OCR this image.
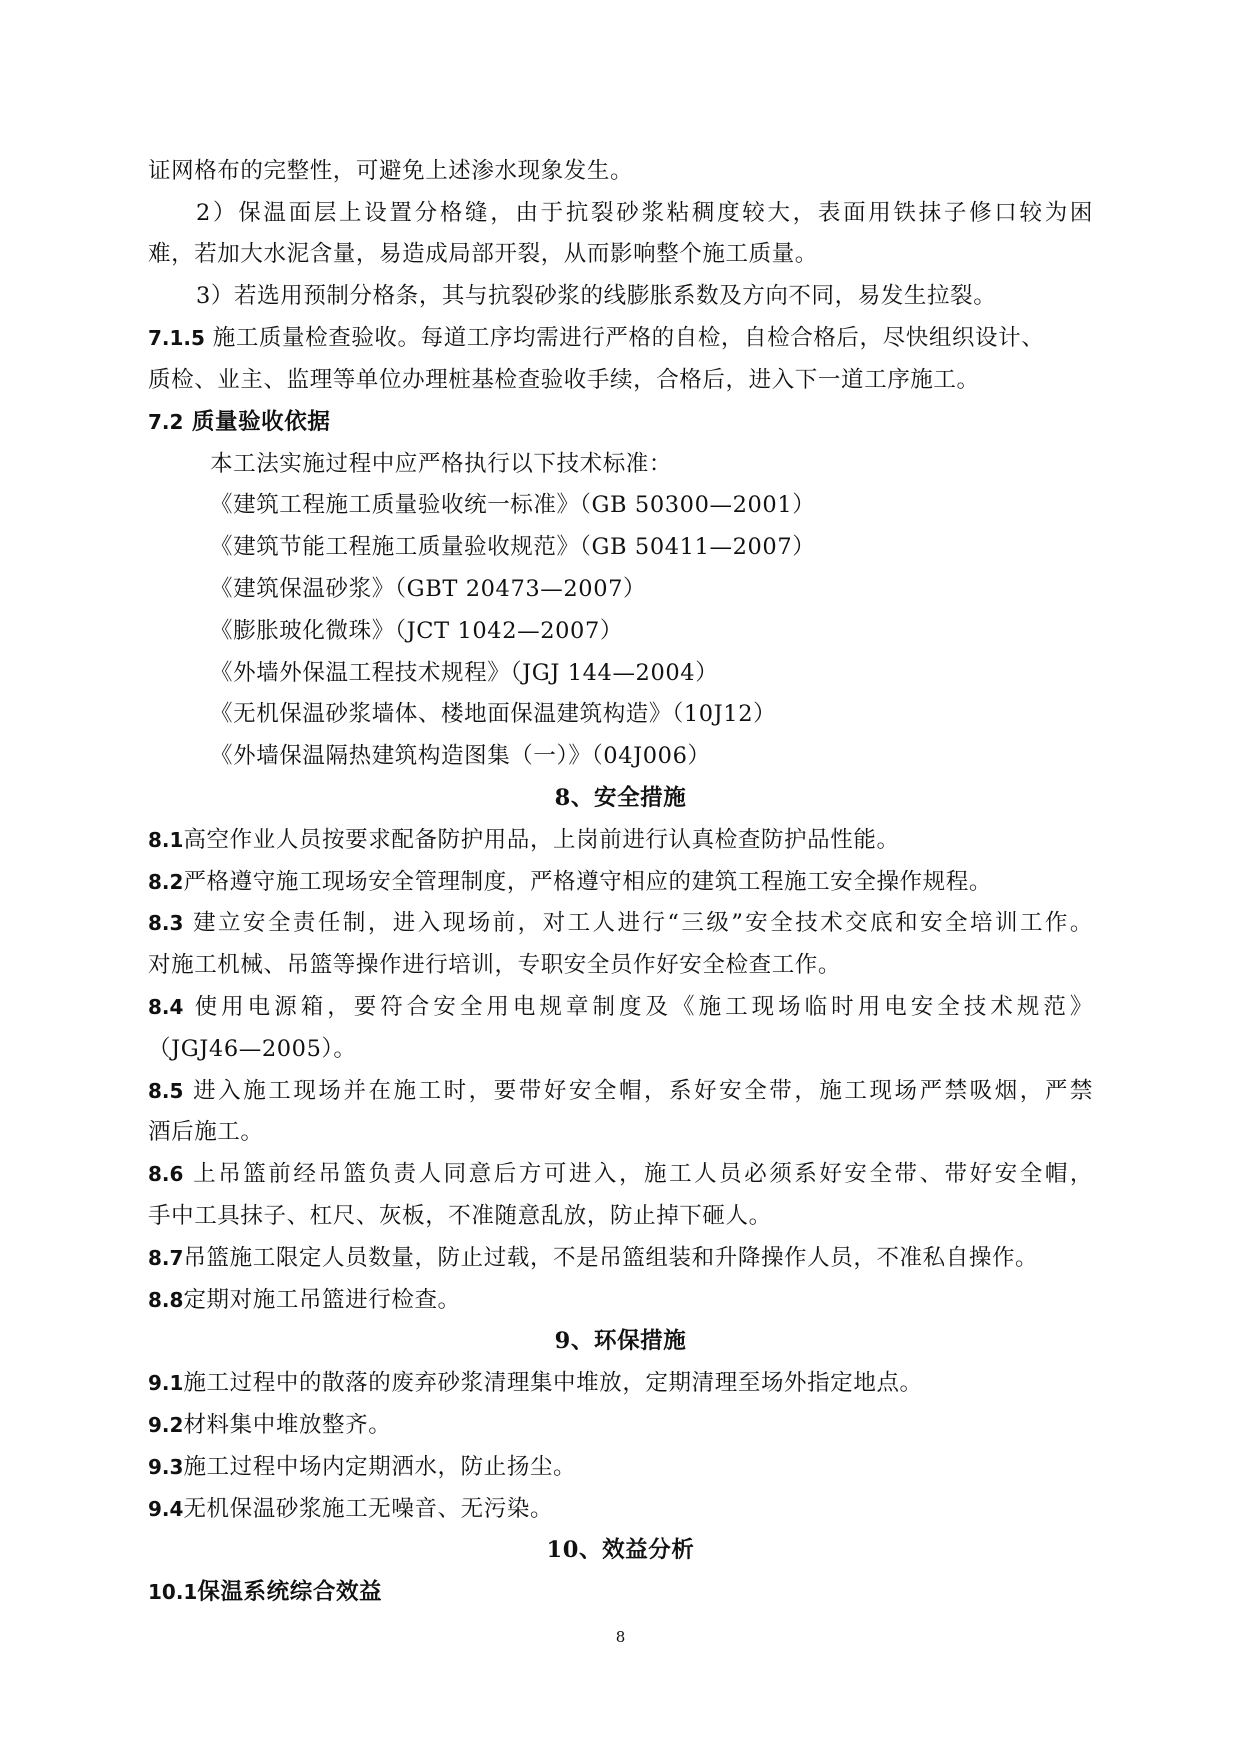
证网格布的完整性，可避免上述渗水现象发生。
2）保温面层上设置分格缝，由于抗裂砂浆粘稠度较大，表面用铁抹子修口较为困
难，若加大水泥含量，易造成局部开裂，从而影响整个施工质量。
3）若选用预制分格条，其与抗裂砂浆的线膨胀系数及方向不同，易发生拉裂。
7.1.5 施工质量检查验收。每道工序均需进行严格的自检，自检合格后，尽快组织设计、
质检、业主、监理等单位办理桩基检查验收手续，合格后，进入下一道工序施工。
7.2 质量验收依据
本工法实施过程中应严格执行以下技术标准：
《建筑工程施工质量验收统一标准》（GB 50300—2001）
《建筑节能工程施工质量验收规范》（GB 50411—2007）
《建筑保温砂浆》（GBT 20473—2007）
《膨胀玻化微珠》（JCT 1042—2007）
《外墙外保温工程技术规程》（JGJ 144—2004）
《无机保温砂浆墙体、楼地面保温建筑构造》（10J12）
《外墙保温隔热建筑构造图集（一）》（04J006）
8、安全措施
8.1高空作业人员按要求配备防护用品，上岗前进行认真检查防护品性能。
8.2严格遵守施工现场安全管理制度，严格遵守相应的建筑工程施工安全操作规程。
8.3 建立安全责任制，进入现场前，对工人进行“三级”安全技术交底和安全培训工作。
对施工机械、吊篮等操作进行培训，专职安全员作好安全检查工作。
8.4 使用电源箱，要符合安全用电规章制度及《施工现场临时用电安全技术规范》
（JGJ46—2005）。
8.5 进入施工现场并在施工时，要带好安全帽，系好安全带，施工现场严禁吸烟，严禁
酒后施工。
8.6 上吊篮前经吊篮负责人同意后方可进入，施工人员必须系好安全带、带好安全帽，
手中工具抹子、杠尺、灰板，不准随意乱放，防止掉下砸人。
8.7吊篮施工限定人员数量，防止过载，不是吊篮组装和升降操作人员，不准私自操作。
8.8定期对施工吊篮进行检查。
9、环保措施
9.1施工过程中的散落的废弃砂浆清理集中堆放，定期清理至场外指定地点。
9.2材料集中堆放整齐。
9.3施工过程中场内定期洒水，防止扬尘。
9.4无机保温砂浆施工无噪音、无污染。
10、效益分析
10.1保温系统综合效益
8
